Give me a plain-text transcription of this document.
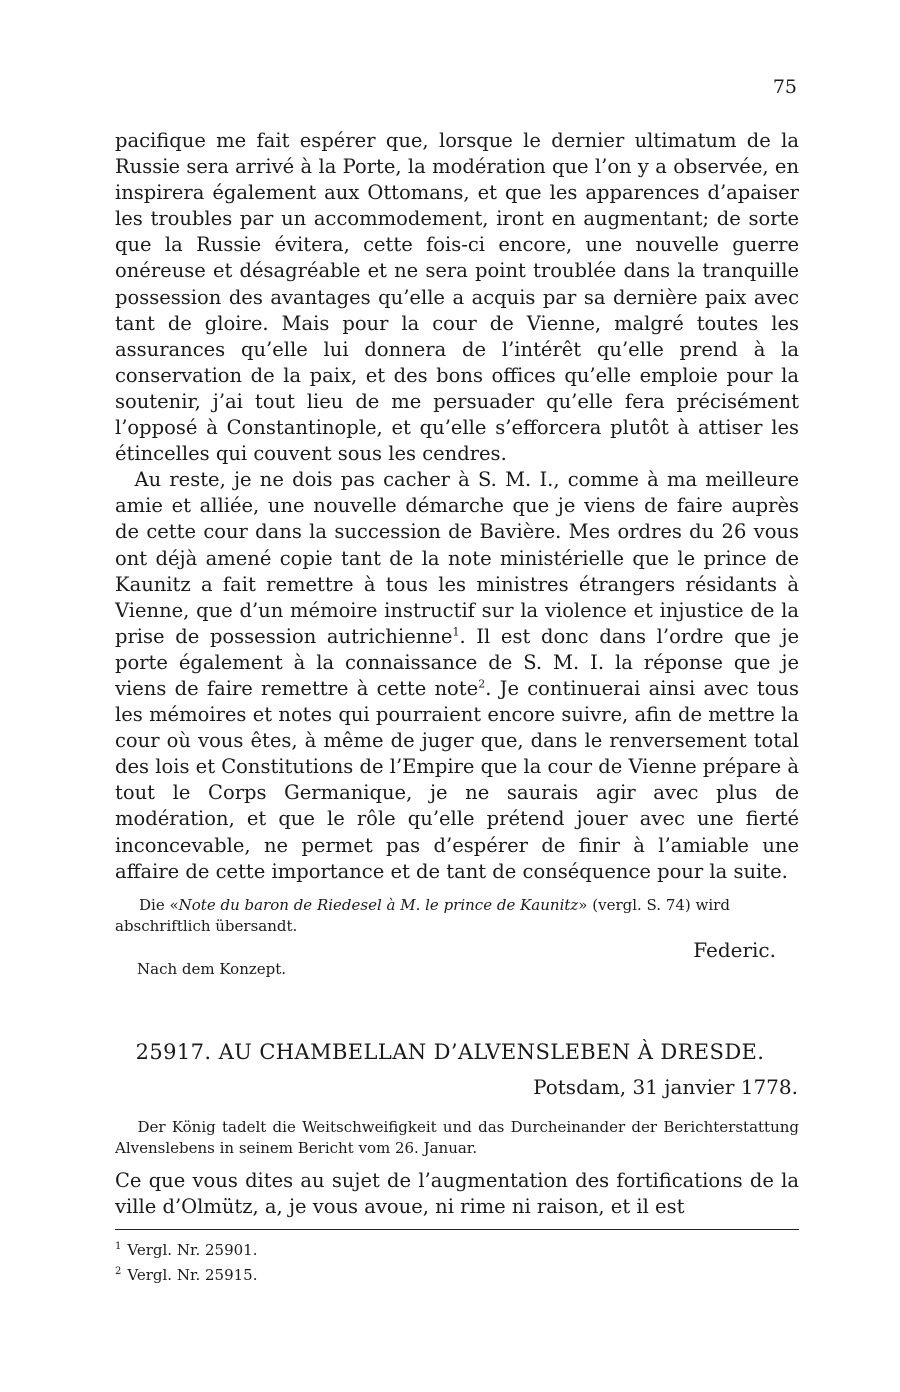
75

pacifique me fait espérer que, lorsque le dernier ultimatum de la Russie sera arrivé à la Porte, la modération que l’on y a observée, en inspirera également aux Ottomans, et que les apparences d’apaiser les troubles par un accommodement, iront en augmentant; de sorte que la Russie évitera, cette fois-ci encore, une nouvelle guerre onéreuse et désagréable et ne sera point troublée dans la tranquille possession des avantages qu’elle a acquis par sa dernière paix avec tant de gloire. Mais pour la cour de Vienne, malgré toutes les assurances qu’elle lui donnera de l’intérêt qu’elle prend à la conservation de la paix, et des bons offices qu’elle emploie pour la soutenir, j’ai tout lieu de me persuader qu’elle fera précisément l’opposé à Constantinople, et qu’elle s’efforcera plutôt à attiser les étincelles qui couvent sous les cendres.

Au reste, je ne dois pas cacher à S. M. I., comme à ma meilleure amie et alliée, une nouvelle démarche que je viens de faire auprès de cette cour dans la succession de Bavière. Mes ordres du 26 vous ont déjà amené copie tant de la note ministérielle que le prince de Kaunitz a fait remettre à tous les ministres étrangers résidants à Vienne, que d’un mémoire instructif sur la violence et injustice de la prise de possession autrichienne$^1$. Il est donc dans l’ordre que je porte également à la connaissance de S. M. I. la réponse que je viens de faire remettre à cette note$^2$. Je continuerai ainsi avec tous les mémoires et notes qui pourraient encore suivre, afin de mettre la cour où vous êtes, à même de juger que, dans le renversement total des lois et Constitutions de l’Empire que la cour de Vienne prépare à tout le Corps Germanique, je ne saurais agir avec plus de modération, et que le rôle qu’elle prétend jouer avec une fierté inconcevable, ne permet pas d’espérer de finir à l’amiable une affaire de cette importance et de tant de conséquence pour la suite.

Die «Note du baron de Riedesel à M. le prince de Kaunitz» (vergl. S. 74) wird abschriftlich übersandt.
Federic.
Nach dem Konzept.
25917. AU CHAMBELLAN D’ALVENSLEBEN À DRESDE.
Potsdam, 31 janvier 1778.
Der König tadelt die Weitschweifigkeit und das Durcheinander der Berichterstattung Alvenslebens in seinem Bericht vom 26. Januar.
Ce que vous dites au sujet de l’augmentation des fortifications de la ville d’Olmütz, a, je vous avoue, ni rime ni raison, et il est
$^1$ Vergl. Nr. 25901.
$^2$ Vergl. Nr. 25915.
